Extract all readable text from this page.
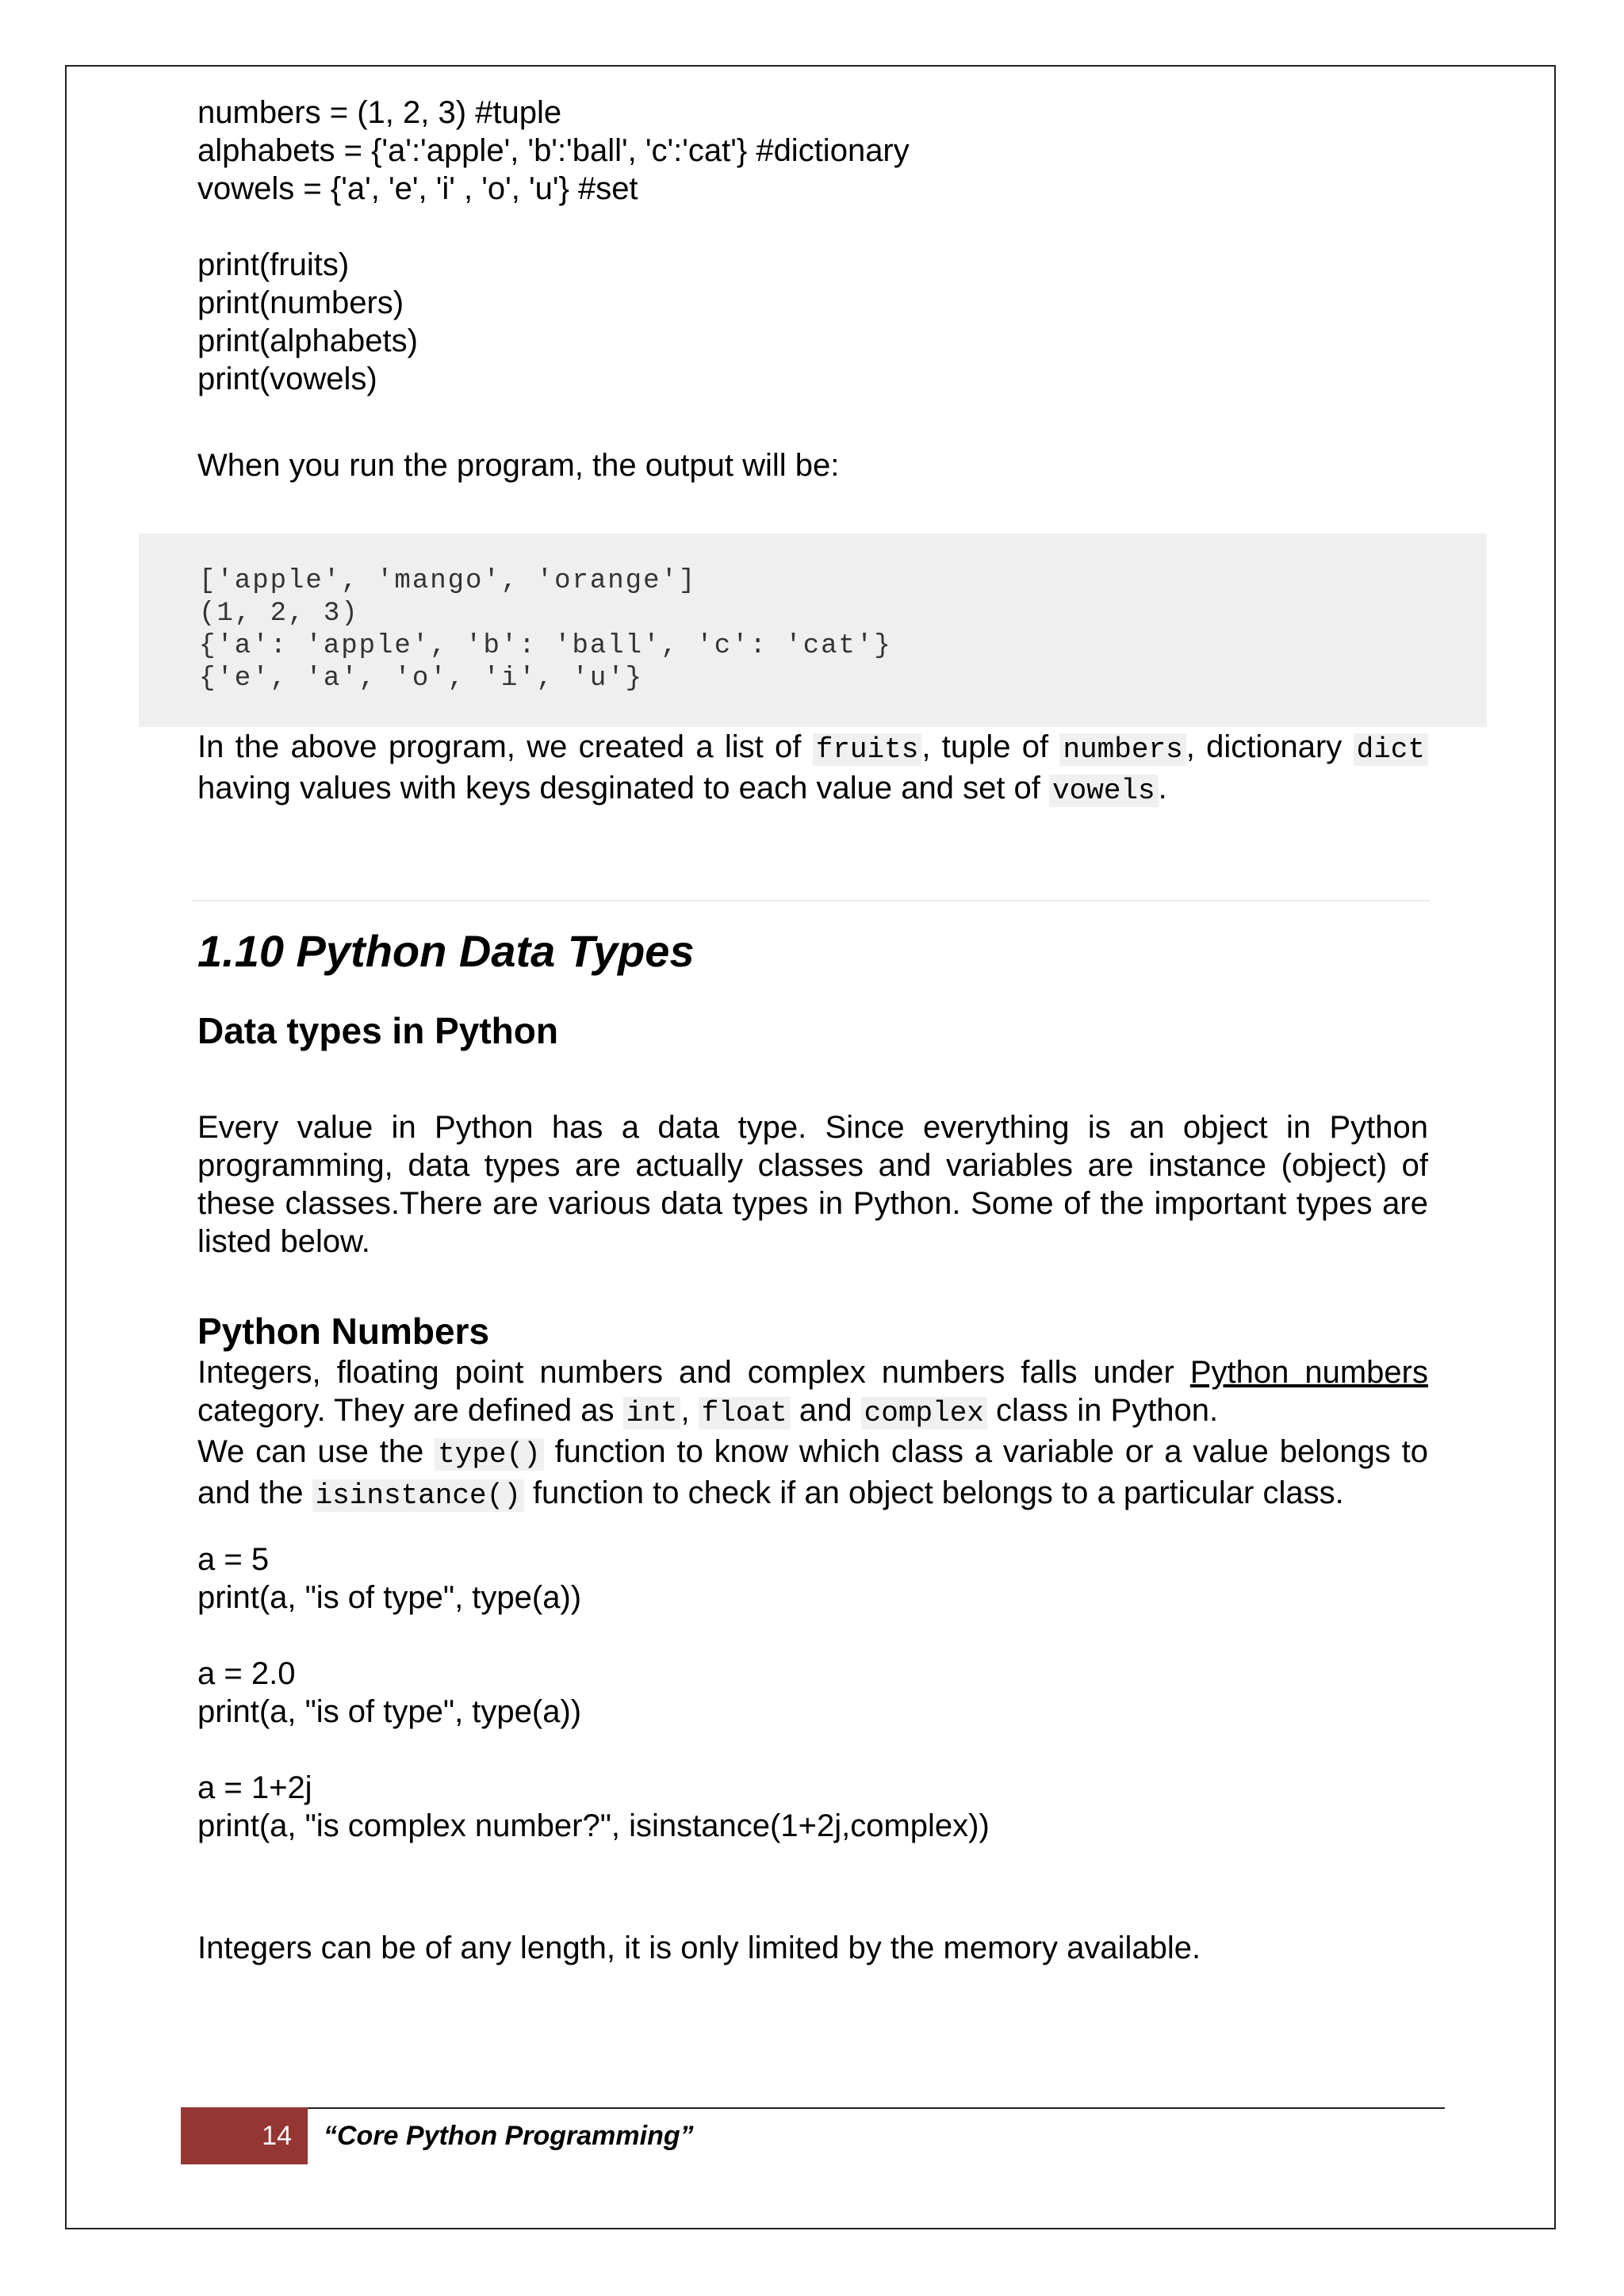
numbers = (1, 2, 3) #tuple
alphabets = {'a':'apple', 'b':'ball', 'c':'cat'} #dictionary
vowels = {'a', 'e', 'i' , 'o', 'u'} #set

print(fruits)
print(numbers)
print(alphabets)
print(vowels)
When you run the program, the output will be:
['apple', 'mango', 'orange']
(1, 2, 3)
{'a': 'apple', 'b': 'ball', 'c': 'cat'}
{'e', 'a', 'o', 'i', 'u'}
In the above program, we created a list of fruits , tuple of numbers , dictionary dict having values with keys desginated to each value and set of vowels .
1.10 Python Data Types
Data types in Python
Every value in Python has a data type. Since everything is an object in Python programming, data types are actually classes and variables are instance (object) of these classes.There are various data types in Python. Some of the important types are listed below.
Python Numbers
Integers, floating point numbers and complex numbers falls under Python numbers category. They are defined as int , float and complex class in Python.
We can use the type() function to know which class a variable or a value belongs to and the isinstance() function to check if an object belongs to a particular class.
a = 5
print(a, "is of type", type(a))

a = 2.0
print(a, "is of type", type(a))

a = 1+2j
print(a, "is complex number?", isinstance(1+2j,complex))
Integers can be of any length, it is only limited by the memory available.
14	“Core Python Programming”
